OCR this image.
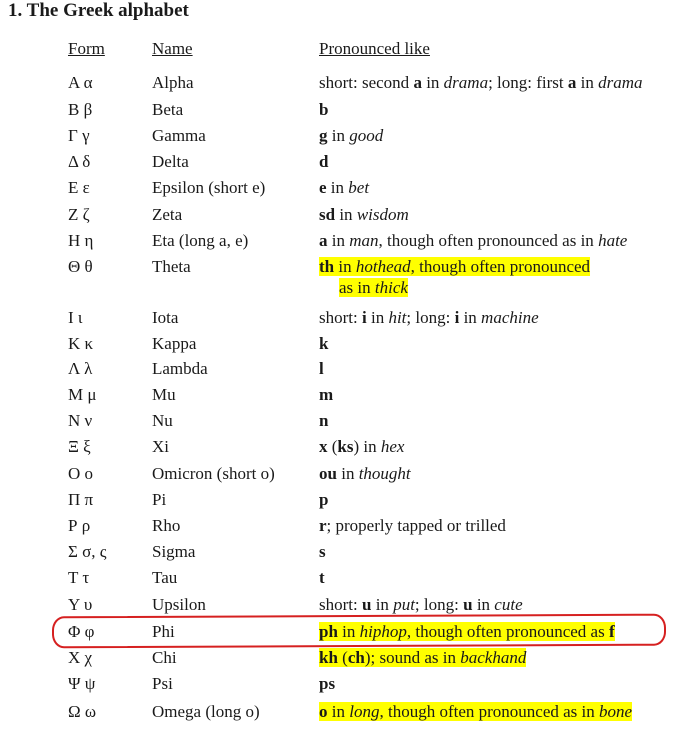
1. The Greek alphabet
Form	Name	Pronounced like
Α α	Alpha	short: second a in drama; long: first a in drama
Β β	Beta	b
Γ γ	Gamma	g in good
Δ δ	Delta	d
Ε ε	Epsilon (short e)	e in bet
Ζ ζ	Zeta	sd in wisdom
Η η	Eta (long a, e)	a in man, though often pronounced as in hate
Θ θ	Theta	th in hothead, though often pronounced
as in thick
Ι ι	Iota	short: i in hit; long: i in machine
Κ κ	Kappa	k
Λ λ	Lambda	l
Μ μ	Mu	m
Ν ν	Nu	n
Ξ ξ	Xi	x (ks) in hex
Ο ο	Omicron (short o)	ou in thought
Π π	Pi	p
Ρ ρ	Rho	r; properly tapped or trilled
Σ σ, ς	Sigma	s
Τ τ	Tau	t
Υ υ	Upsilon	short: u in put; long: u in cute
Φ φ	Phi	ph in hiphop, though often pronounced as f
Χ χ	Chi	kh (ch); sound as in backhand
Ψ ψ	Psi	ps
Ω ω	Omega (long o)	o in long, though often pronounced as in bone
